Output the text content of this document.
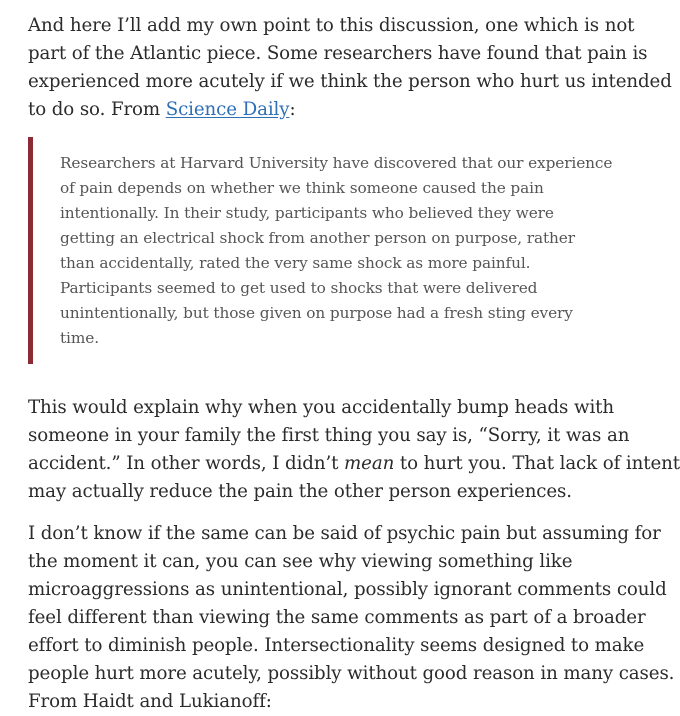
And here I’ll add my own point to this discussion, one which is not
part of the Atlantic piece. Some researchers have found that pain is
experienced more acutely if we think the person who hurt us intended
to do so. From Science Daily:

Researchers at Harvard University have discovered that our experience
of pain depends on whether we think someone caused the pain
intentionally. In their study, participants who believed they were
getting an electrical shock from another person on purpose, rather
than accidentally, rated the very same shock as more painful.
Participants seemed to get used to shocks that were delivered
unintentionally, but those given on purpose had a fresh sting every
time.

This would explain why when you accidentally bump heads with
someone in your family the first thing you say is, “Sorry, it was an
accident.” In other words, I didn’t mean to hurt you. That lack of intent
may actually reduce the pain the other person experiences.

I don’t know if the same can be said of psychic pain but assuming for
the moment it can, you can see why viewing something like
microaggressions as unintentional, possibly ignorant comments could
feel different than viewing the same comments as part of a broader
effort to diminish people. Intersectionality seems designed to make
people hurt more acutely, possibly without good reason in many cases.
From Haidt and Lukianoff:
